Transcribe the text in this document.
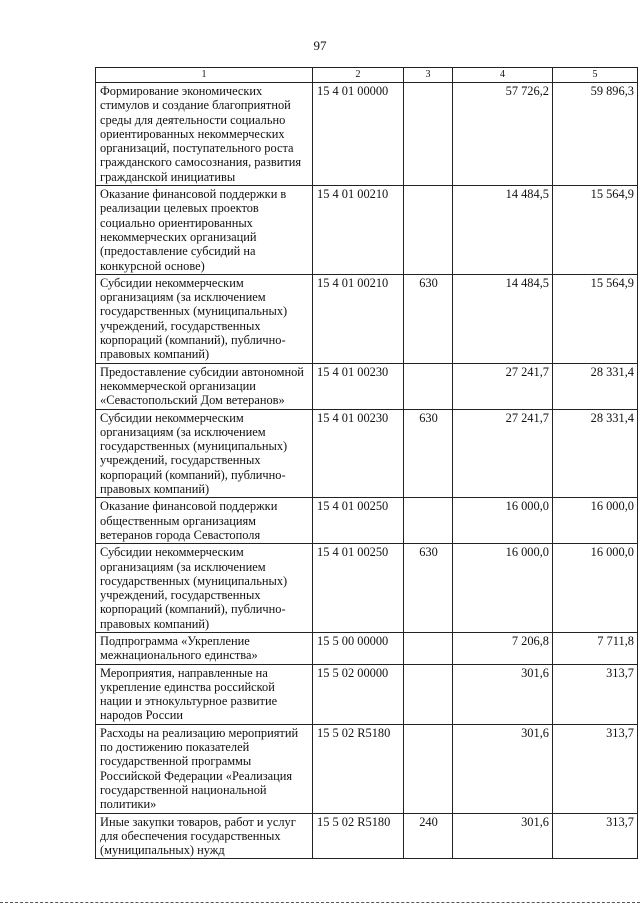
97
1	2	3	4	5
Формирование экономических стимулов и создание благоприятной среды для деятельности социально ориентированных некоммерческих организаций, поступательного роста гражданского самосознания, развития гражданской инициативы	15 4 01 00000		57 726,2	59 896,3
Оказание финансовой поддержки в реализации целевых проектов социально ориентированных некоммерческих организаций (предоставление субсидий на конкурсной основе)	15 4 01 00210		14 484,5	15 564,9
Субсидии некоммерческим организациям (за исключением государственных (муниципальных) учреждений, государственных корпораций (компаний), публично-правовых компаний)	15 4 01 00210	630	14 484,5	15 564,9
Предоставление субсидии автономной некоммерческой организации «Севастопольский Дом ветеранов»	15 4 01 00230		27 241,7	28 331,4
Субсидии некоммерческим организациям (за исключением государственных (муниципальных) учреждений, государственных корпораций (компаний), публично-правовых компаний)	15 4 01 00230	630	27 241,7	28 331,4
Оказание финансовой поддержки общественным организациям ветеранов города Севастополя	15 4 01 00250		16 000,0	16 000,0
Субсидии некоммерческим организациям (за исключением государственных (муниципальных) учреждений, государственных корпораций (компаний), публично-правовых компаний)	15 4 01 00250	630	16 000,0	16 000,0
Подпрограмма «Укрепление межнационального единства»	15 5 00 00000		7 206,8	7 711,8
Мероприятия, направленные на укрепление единства российской нации и этнокультурное развитие народов России	15 5 02 00000		301,6	313,7
Расходы на реализацию мероприятий по достижению показателей государственной программы Российской Федерации «Реализация государственной национальной политики»	15 5 02 R5180		301,6	313,7
Иные закупки товаров, работ и услуг для обеспечения государственных (муниципальных) нужд	15 5 02 R5180	240	301,6	313,7
